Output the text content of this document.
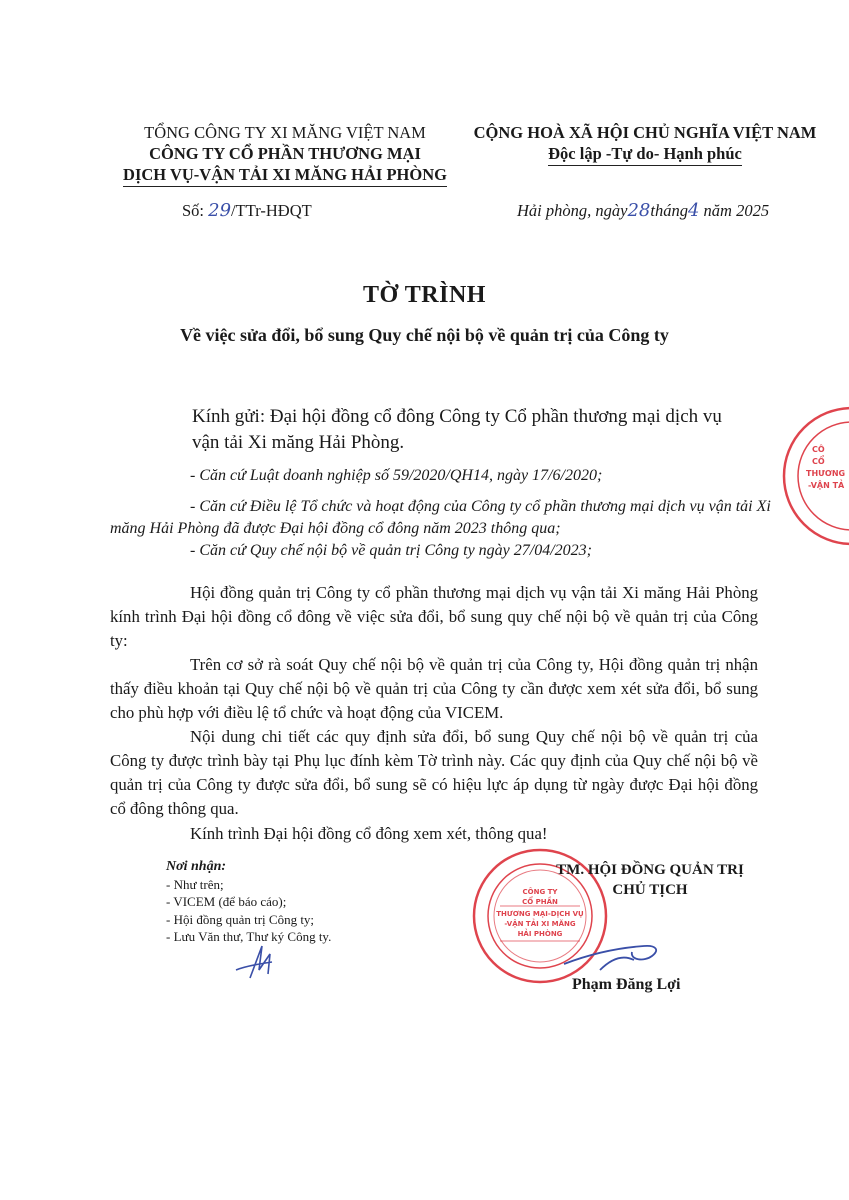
TỔNG CÔNG TY XI MĂNG VIỆT NAM
CÔNG TY CỔ PHẦN THƯƠNG MẠI
DỊCH VỤ-VẬN TẢI XI MĂNG HẢI PHÒNG
CỘNG HOÀ XÃ HỘI CHỦ NGHĨA VIỆT NAM
Độc lập -Tự do- Hạnh phúc
Số: 29/TTr-HĐQT	Hải phòng, ngày28tháng4 năm 2025
TỜ TRÌNH
Về việc sửa đổi, bổ sung Quy chế nội bộ về quản trị của Công ty
Kính gửi: Đại hội đồng cổ đông Công ty Cổ phần thương mại dịch vụ vận tải Xi măng Hải Phòng.
- Căn cứ Luật doanh nghiệp số 59/2020/QH14, ngày 17/6/2020;
- Căn cứ Điều lệ Tổ chức và hoạt động của Công ty cổ phần thương mại dịch vụ vận tải Xi măng Hải Phòng đã được Đại hội đồng cổ đông năm 2023 thông qua;
- Căn cứ Quy chế nội bộ về quản trị Công ty ngày 27/04/2023;
Hội đồng quản trị Công ty cổ phần thương mại dịch vụ vận tải Xi măng Hải Phòng kính trình Đại hội đồng cổ đông về việc sửa đổi, bổ sung quy chế nội bộ về quản trị của Công ty:
Trên cơ sở rà soát Quy chế nội bộ về quản trị của Công ty, Hội đồng quản trị nhận thấy điều khoản tại Quy chế nội bộ về quản trị của Công ty cần được xem xét sửa đổi, bổ sung cho phù hợp với điều lệ tổ chức và hoạt động của VICEM.
Nội dung chi tiết các quy định sửa đổi, bổ sung Quy chế nội bộ về quản trị của Công ty được trình bày tại Phụ lục đính kèm Tờ trình này. Các quy định của Quy chế nội bộ về quản trị của Công ty được sửa đổi, bổ sung sẽ có hiệu lực áp dụng từ ngày được Đại hội đồng cổ đông thông qua.
Kính trình Đại hội đồng cổ đông xem xét, thông qua!
Nơi nhận:
- Như trên;
- VICEM (để báo cáo);
- Hội đồng quản trị Công ty;
- Lưu Văn thư, Thư ký Công ty.
CÔNG TY
CỔ PHẦN
THƯƠNG MẠI-DỊCH VỤ
-VẬN TẢI XI MĂNG
HẢI PHÒNG
CÔ
CỔ
THƯƠNG
-VẬN TẢ
TM. HỘI ĐỒNG QUẢN TRỊ
CHỦ TỊCH
Phạm Đăng Lợi
